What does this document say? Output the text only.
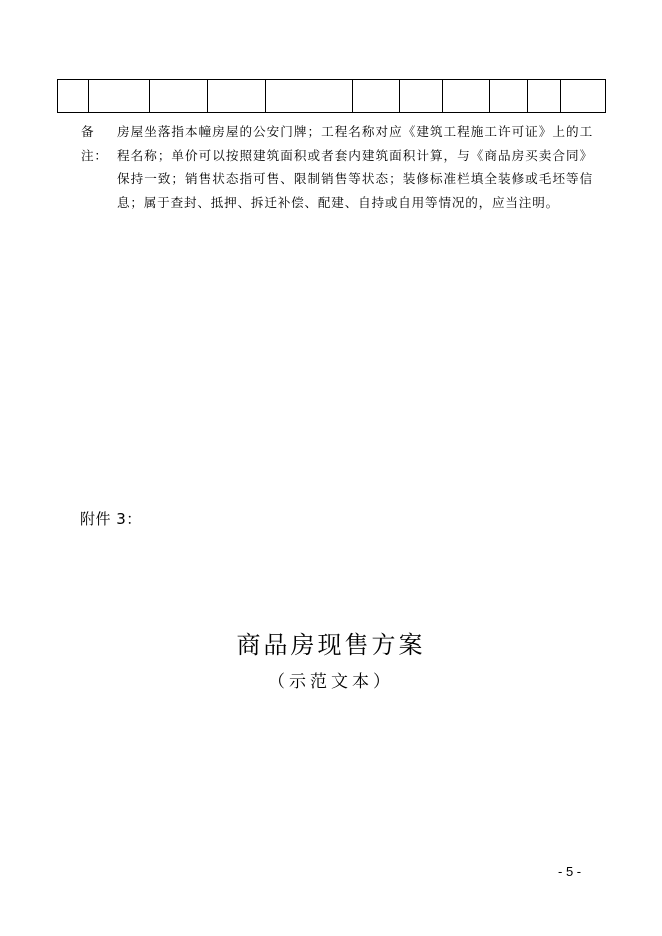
备注：
房屋坐落指本幢房屋的公安门牌；工程名称对应《建筑工程施工许可证》上的工程名称；单价可以按照建筑面积或者套内建筑面积计算，与《商品房买卖合同》保持一致；销售状态指可售、限制销售等状态；装修标准栏填全装修或毛坯等信息；属于查封、抵押、拆迁补偿、配建、自持或自用等情况的，应当注明。
附件 3：
商品房现售方案
（示范文本）
- 5 -
